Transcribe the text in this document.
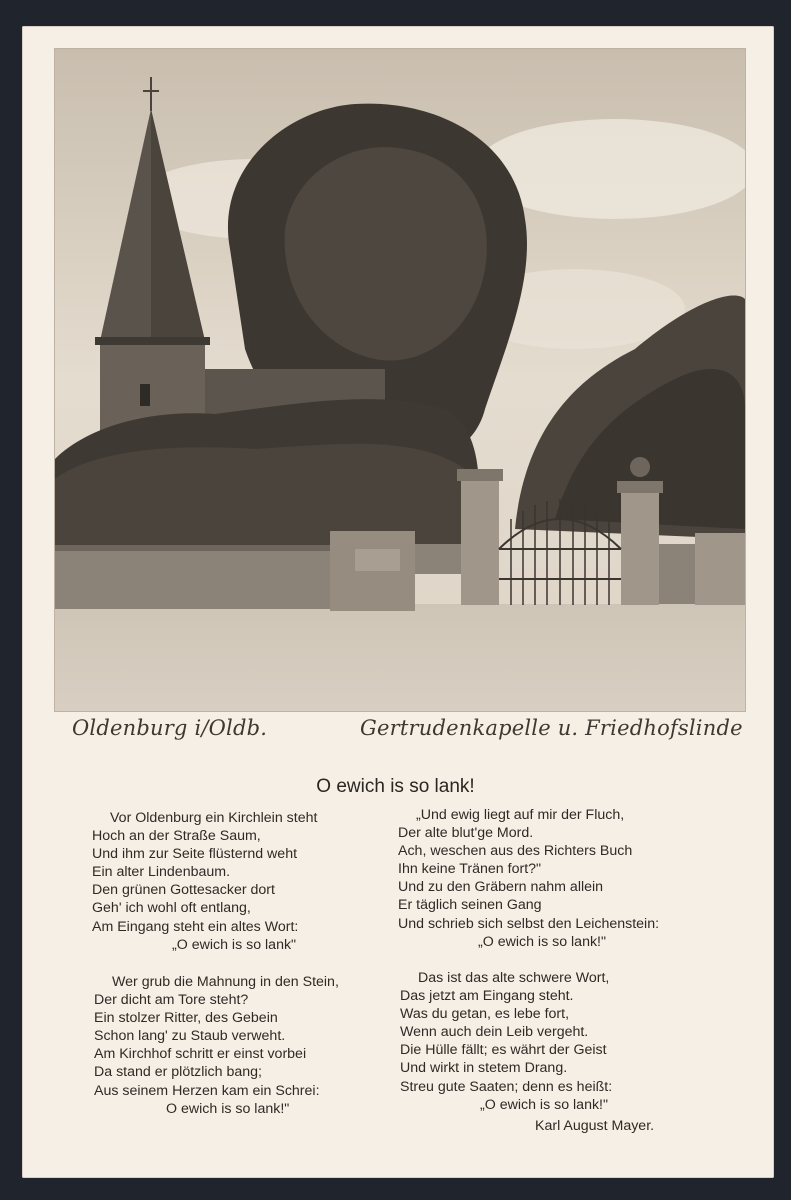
Oldenburg i/Oldb.	Gertrudenkapelle u. Friedhofslinde
O ewich is so lank!
Vor Oldenburg ein Kirchlein steht
Hoch an der Straße Saum,
Und ihm zur Seite flüsternd weht
Ein alter Lindenbaum.
Den grünen Gottesacker dort
Geh' ich wohl oft entlang,
Am Eingang steht ein altes Wort:
„O ewich is so lank"
„Und ewig liegt auf mir der Fluch,
Der alte blut'ge Mord.
Ach, weschen aus des Richters Buch
Ihn keine Tränen fort?"
Und zu den Gräbern nahm allein
Er täglich seinen Gang
Und schrieb sich selbst den Leichenstein:
„O ewich is so lank!"
Wer grub die Mahnung in den Stein,
Der dicht am Tore steht?
Ein stolzer Ritter, des Gebein
Schon lang' zu Staub verweht.
Am Kirchhof schritt er einst vorbei
Da stand er plötzlich bang;
Aus seinem Herzen kam ein Schrei:
O ewich is so lank!"
Das ist das alte schwere Wort,
Das jetzt am Eingang steht.
Was du getan, es lebe fort,
Wenn auch dein Leib vergeht.
Die Hülle fällt; es währt der Geist
Und wirkt in stetem Drang.
Streu gute Saaten; denn es heißt:
„O ewich is so lank!"
Karl August Mayer.
